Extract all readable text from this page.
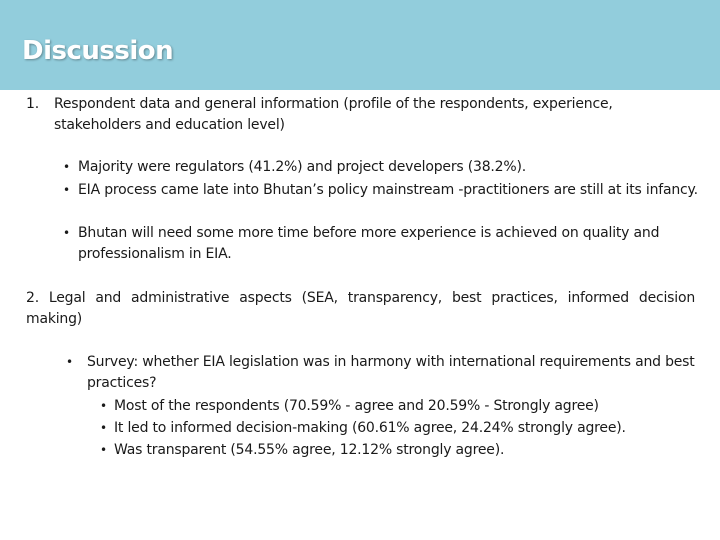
Discussion
1. Respondent data and general information (profile of the respondents, experience, stakeholders and education level)
• Majority were regulators (41.2%) and project developers (38.2%).
• EIA process came late into Bhutan’s policy mainstream -practitioners are still at its infancy.
• Bhutan will need some more time before more experience is achieved on quality and professionalism in EIA.
2. Legal and administrative aspects (SEA, transparency, best practices, informed decision making)
• Survey: whether EIA legislation was in harmony with international requirements and best practices?
• Most of the respondents (70.59% - agree and 20.59% - Strongly agree)
• It led to informed decision-making (60.61% agree, 24.24% strongly agree).
• Was transparent (54.55% agree, 12.12% strongly agree).
